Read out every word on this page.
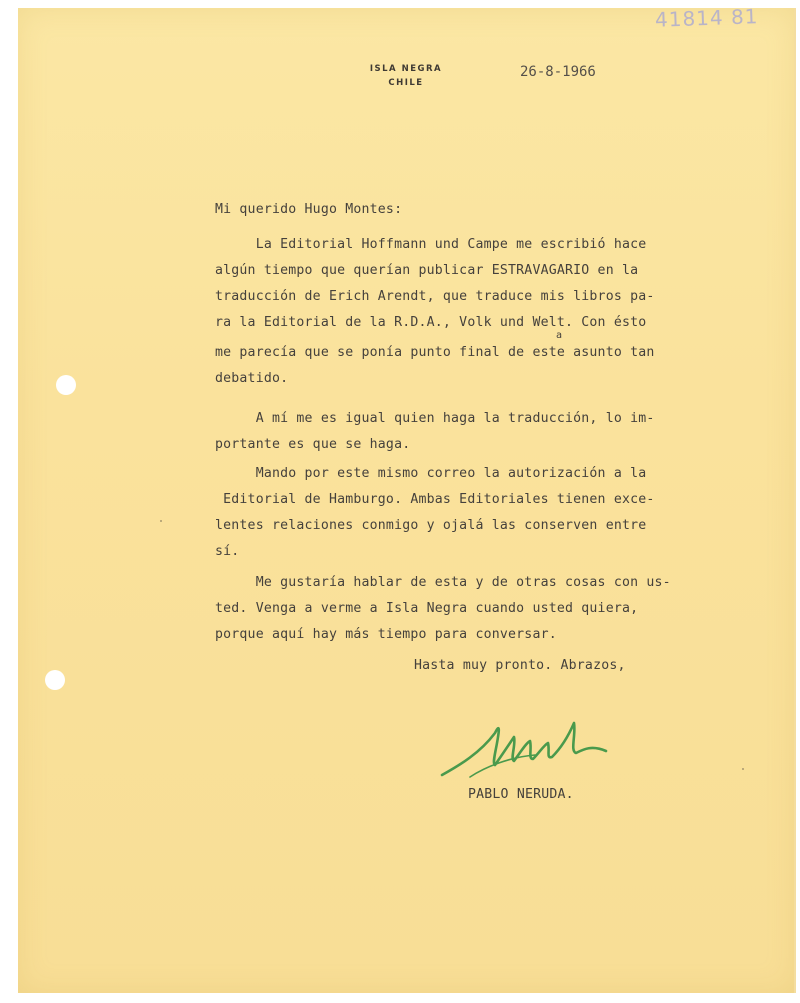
41814 81
ISLA NEGRA
CHILE
26-8-1966
Mi querido Hugo Montes:
La Editorial Hoffmann und Campe me escribió hace
algún tiempo que querían publicar ESTRAVAGARIO en la
traducción de Erich Arendt, que traduce mis libros pa-
ra la Editorial de la R.D.A., Volk und Welt. Con ésto
a
me parecía que se ponía punto final de este asunto tan
debatido.
A mí me es igual quien haga la traducción, lo im-
portante es que se haga.
Mando por este mismo correo la autorización a la
Editorial de Hamburgo. Ambas Editoriales tienen exce-
lentes relaciones conmigo y ojalá las conserven entre
sí.
Me gustaría hablar de esta y de otras cosas con us-
ted. Venga a verme a Isla Negra cuando usted quiera,
porque aquí hay más tiempo para conversar.
Hasta muy pronto. Abrazos,
PABLO NERUDA.
